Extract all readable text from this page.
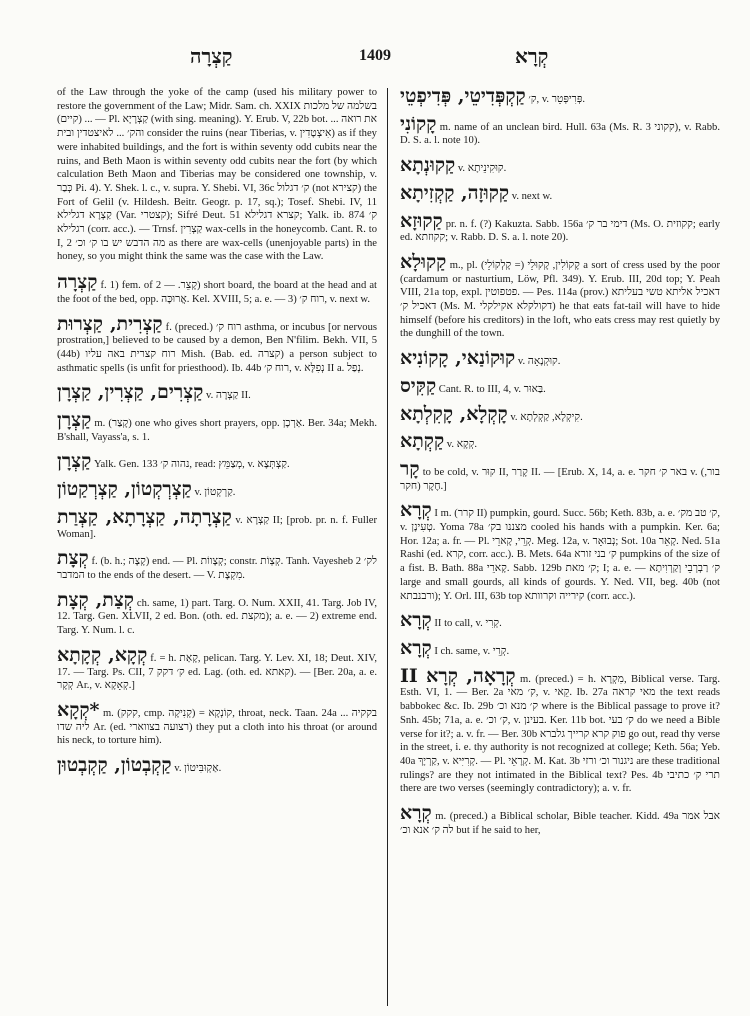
קַצְרָה	1409	קְרָא

of the Law through the yoke of the camp (used his military power to restore the government of the Law; Midr. Sam. ch. XXIX בשלמה של מלכות ... (קיים) — Pl. קַצְרָיָא (with sing. meaning). Y. Erub. V, 22b bot. את רואה ... והק׳ ... לאיצטדין ובית consider the ruins (near Tiberias, v. אִיצְטָדִין) as if they were inhabited buildings, and the fort is within seventy odd cubits near the ruins, and Beth Maon is within seventy odd cubits near the fort (by which calculation Beth Maon and Tiberias may be considered one township, v. כְּבַר Pi. 4). Y. Shek. l. c., v. supra. Y. Shebi. VI, 36c ק׳ דגלול (not קצירא) the Fort of Gelil (v. Hildesh. Beitr. Geogr. p. 17, sq.); Tosef. Shebi. IV, 11 קַצְרָא דגלילא (Var. קצטרי); Sifré Deut. 51 קצרא דגלילא; Yalk. ib. 874 ק׳ רגלילא (corr. acc.). — Trnsf. קַצְרִין wax-cells in the honeycomb. Cant. R. to I, 2 מה הדבש יש בו ק׳ וכ׳ as there are wax-cells (unenjoyable parts) in the honey, so you might think the same was the case with the Law.

קַצְרָה f. 1) fem. of קָצֵר. — 2) short board, the board at the head and at the foot of the bed, opp. אֲרוּכָּה. Kel. XVIII, 5; a. e. — 3) רוח ק׳, v. next w.

קַצְרִית, קַצְרוּת f. (preced.) רוח ק׳ asthma, or incubus [or nervous prostration,] believed to be caused by a demon, Ben N'filim. Bekh. VII, 5 (44b) רוח קצרית באה עליו Mish. (Bab. ed. קצרה) a person subject to asthmatic spells (is unfit for priesthood). Ib. 44b רוח ק׳, v. נְפִלָּא II a. נְפַל.

קַצְרִים, קַצְרִין, קַצְרָן v. קַצְרָה II.

קַצְרָן m. (קָצַר) one who gives short prayers, opp. אַרְכָן. Ber. 34a; Mekh. B'shall, Vayass'a, s. 1.

קַצְרָן Yalk. Gen. 133 נהוה ק׳, read: מְצַמֵּץ, v. קַצְתְּצָא.

קַצְרְקְטוֹן, קַצְרְקַטוֹן v. קַרְקְטוֹן.

קַצְרָתָה, קַצְרָתָא, קַצְרַת v. קַצְרָא II; [prob. pr. n. f. Fuller Woman].

קְצָת f. (b. h.; קָצָה) end. — Pl. קְצָווֹת; constr. קְצְוֹת. Tanh. Vayesheb 2 לק׳ המדבר to the ends of the desert. — V. מִקְצָת.

קְצַת, קְצָת ch. same, 1) part. Targ. O. Num. XXII, 41. Targ. Job IV, 12. Targ. Gen. XLVII, 2 ed. Bon. (oth. ed. מקצת); a. e. — 2) extreme end. Targ. Y. Num. l. c.

קְקָא, קְקָתָא f. = h. קָאַת, pelican. Targ. Y. Lev. XI, 18; Deut. XIV, 17. — Targ. Ps. CII, 7 ק׳ דקק ed. Lag. (oth. ed. קאתא). — [Ber. 20a, a. e. קְקָר Ar., v. קְאָקָא.]

*קְקָא m. (קקק, cmp. קְנִיקָה) = קוֹנְקָא, throat, neck. Taan. 24a בקקיה ... ליה שדו Ar. (ed. רצועה בצווארי) they put a cloth into his throat (or around his neck, to torture him).

קַקְבְטוֹן, קַקְבְטוּן v. אַקְוּבִּיטוֹן.

קַקְפְּדִיטֵי, פְּדִיפְטֵי ק׳, v. פְּרִיפְּטֵר.

קָקוֹנִי m. name of an unclean bird. Hull. 63a (Ms. R. 3 קקוני), v. Rabb. D. S. a. l. note 10).

קַקוּנְתָא v. קוּקִינֵיתָא.

קַקוּזָה, קַקְזִיתָא v. next w.

קַקוּזָא pr. n. f. (?) Kakuzta. Sabb. 156a דימי בר ק׳ (Ms. O. קקוזית; early ed. קקוזתא; v. Rabb. D. S. a. l. note 20).

קַקוּלָא m., pl. קָקוֹלִין, קָקוּלֵי (= קָלְקוֹלֵי) a sort of cress used by the poor (cardamum or nasturtium, Löw, Pfl. 349). Y. Erub. III, 20d top; Y. Peah VIII, 21a top, expl. פטפוטין. — Pes. 114a (prov.) דאכיל אליתא טשי בעליתא דאכיל ק׳ (Ms. M. דקולקלא אקילקלי) he that eats fat-tail will have to hide himself (before his creditors) in the loft, who eats cress may rest quietly by the dunghill of the town.

קוּקוֹנַאי, קָקוֹנִיא v. קוּקְנָאָה.

קַקִּיס Cant. R. to III, 4, v. בַּאוּר.

קָקְלָא, קָקִלְתָא v. קִיקְלָא, קַקְלְתָא.

קַקְתָא v. קְקָא.

קָר to be cold, v. קוּר II, קָרַר II. — [Erub. X, 14, a. e. באר ק׳ חקר v. (בור, חקר) חֶקֶר.]

קְרָא I m. (קרר II) pumpkin, gourd. Succ. 56b; Keth. 83b, a. e. ק׳ טב מק׳, v. טְעִינָן. Yoma 78a מצננו בק׳ cooled his hands with a pumpkin. Ker. 6a; Hor. 12a; a. fr. — Pl. קְרֵי, קָארֵי. Meg. 12a, v. נְבוּאָר; Sot. 10a קָאֵר. Ned. 51a Rashi (ed. קרא, corr. acc.). B. Mets. 64a ק׳ בני זורא pumpkins of the size of a fist. B. Bath. 88a קָארֵי. Sabb. 129b ק׳ מאת; I; a. e. — ק׳ רַבְרְבֵי וְקַרְוִיתָא large and small gourds, all kinds of gourds. Y. Ned. VII, beg. 40b (not ורבנבתא); Y. Orl. III, 63b top קירייה וקרוותא (corr. acc.).

קְרָא II to call, v. קְרִי.

קְרָא I ch. same, v. קְרֵי.

קְרָאָה, קְרָא II m. (preced.) = h. מִקְרָא, Biblical verse. Targ. Esth. VI, 1. — Ber. 2a ק׳ מאי, v. קֵאי. Ib. 27a מאי קראה the text reads babbokec &c. Ib. 29b ק׳ מנא וכ׳ where is the Biblical passage to prove it? Snh. 45b; 71a, a. e. ק׳ וכ׳, v. בעינן. Ker. 11b bot. ק׳ בעי do we need a Bible verse for it?; a. v. fr. — Ber. 30b פוק קרא קרייך גלברא go out, read thy verse in the street, i. e. thy authority is not recognized at college; Keth. 56a; Yeb. 40a קַרְיָךְ, v. קְרִיִּיא. — Pl. קְרָאֵי. M. Kat. 3b ניגנור וכ׳ ורזי are these traditional rulings? are they not intimated in the Biblical text? Pes. 4b תרי ק׳ כתיבי there are two verses (seemingly contradictory); a. v. fr.

קְרָא m. (preced.) a Biblical scholar, Bible teacher. Kidd. 49a אבל אמר לה ק׳ אנא וכ׳ but if he said to her,
